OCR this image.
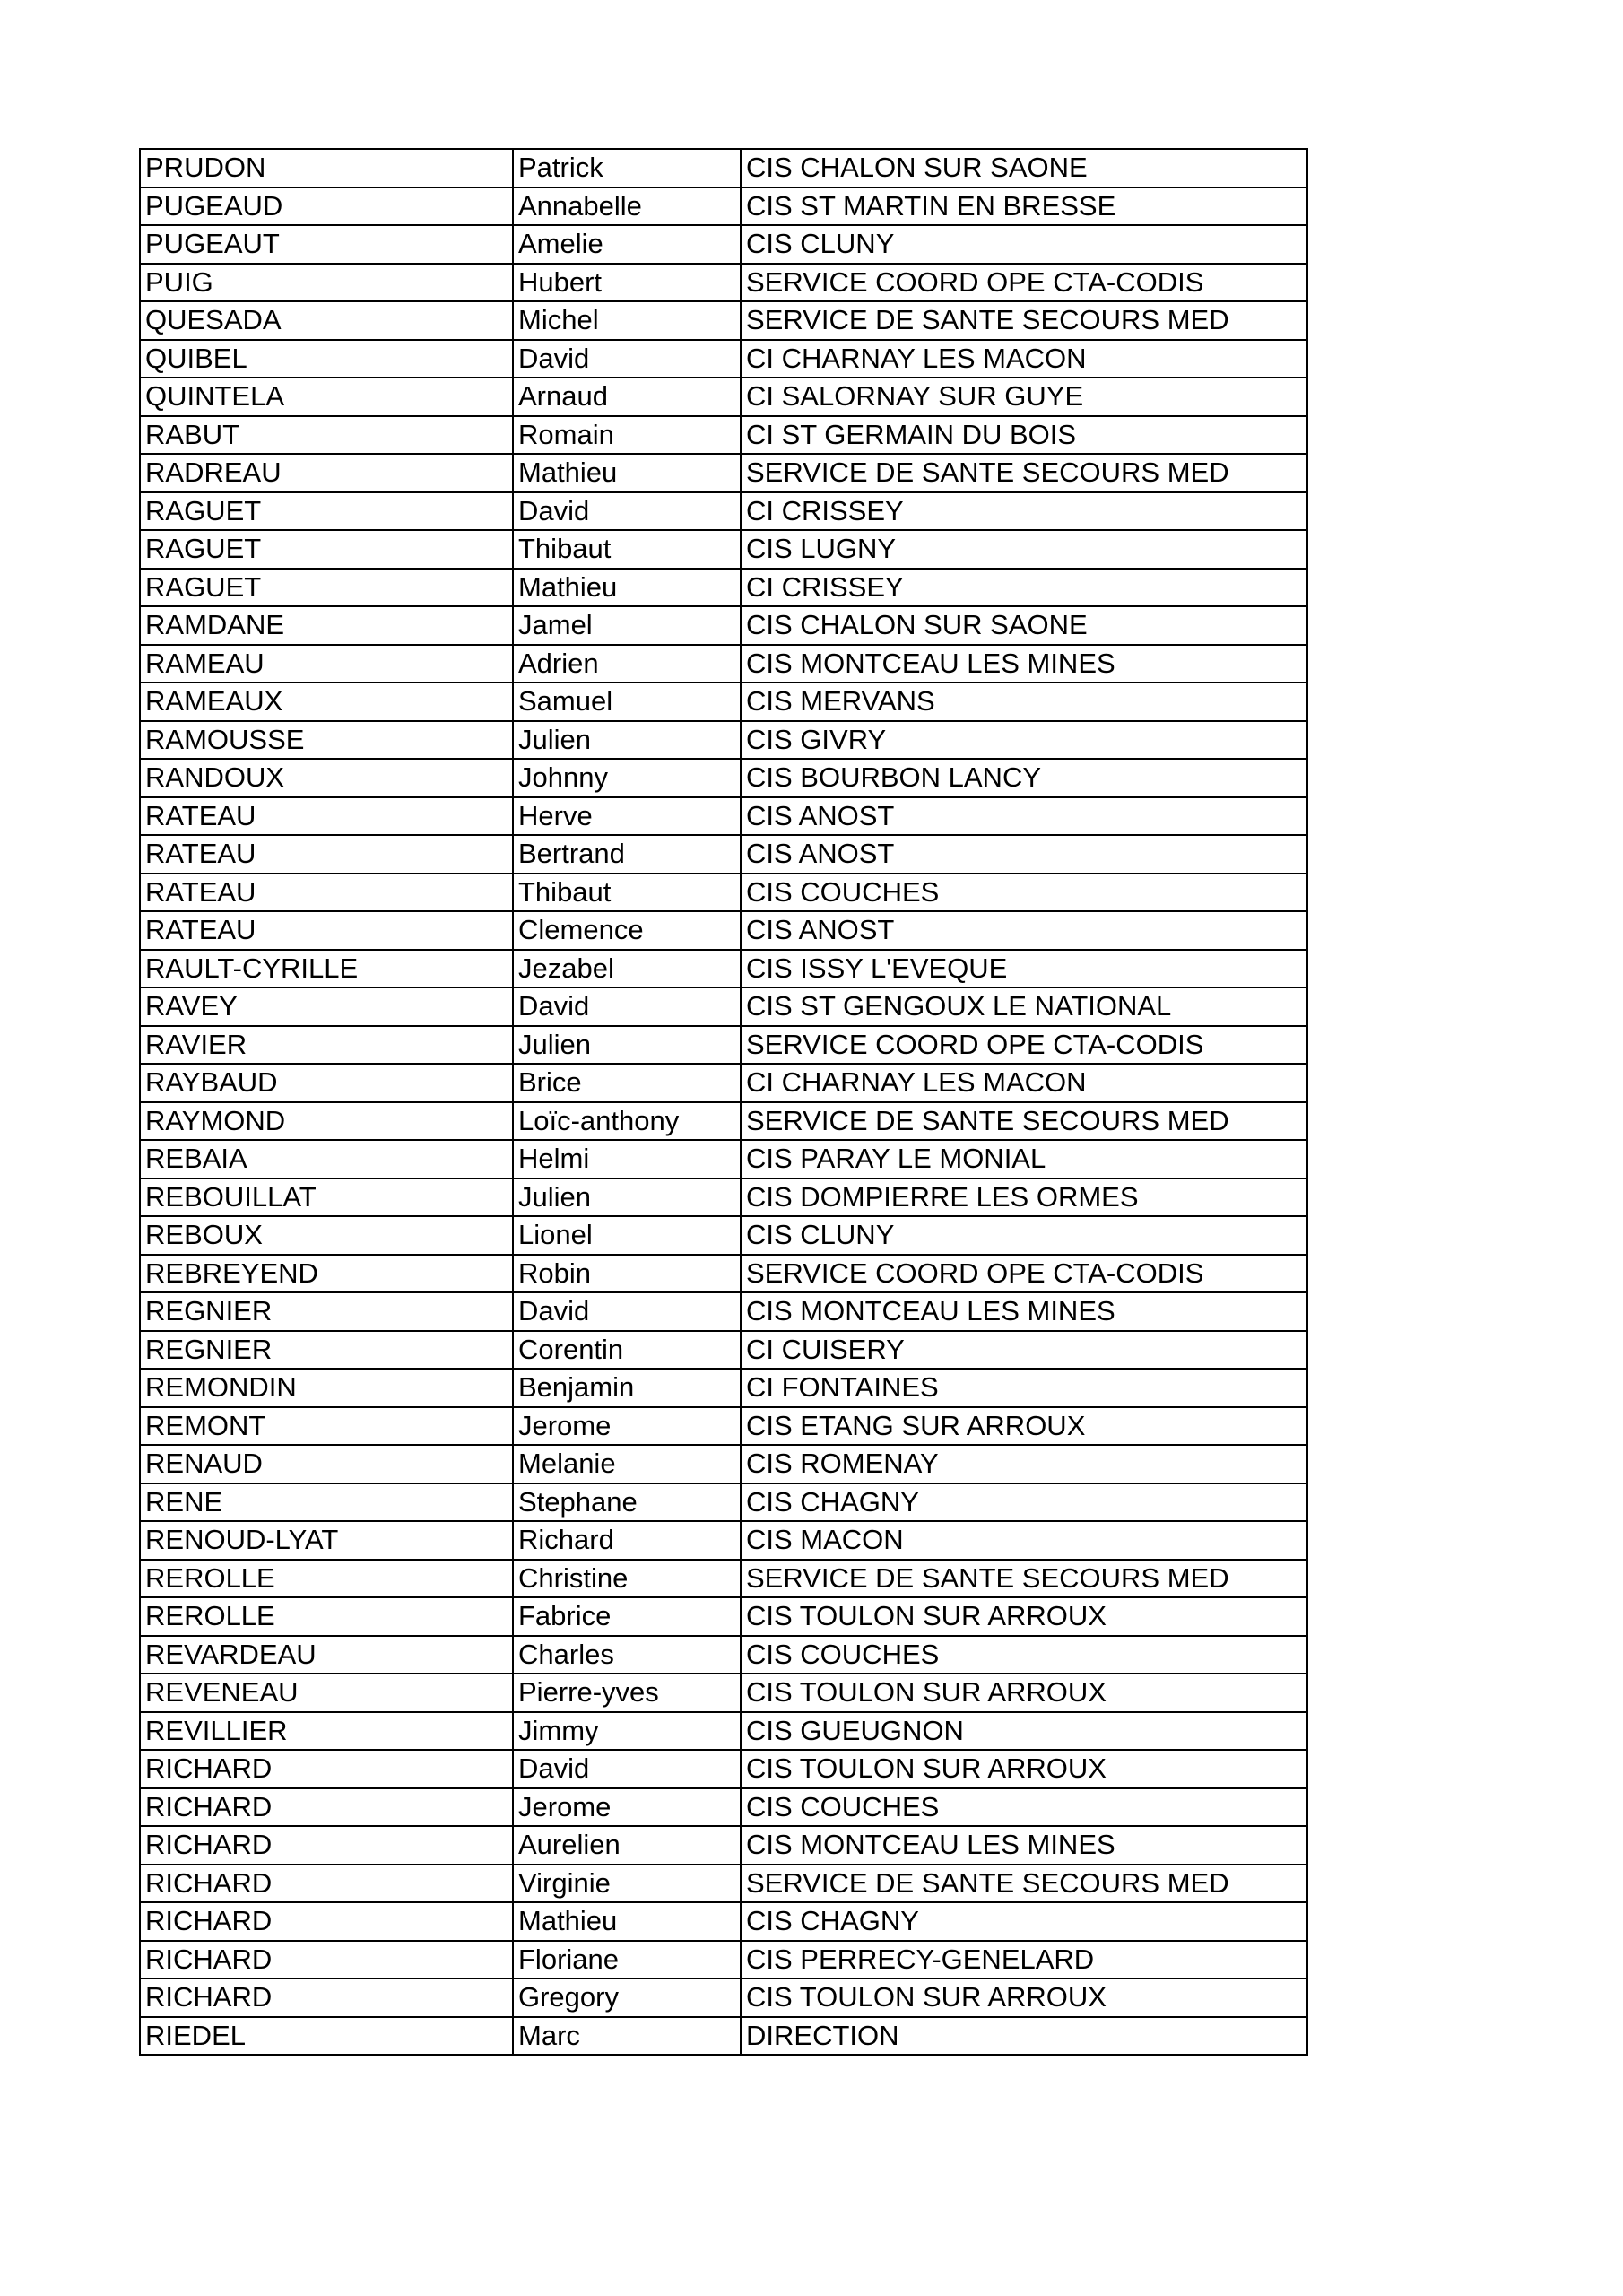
PRUDON	Patrick	CIS CHALON SUR SAONE
PUGEAUD	Annabelle	CIS ST MARTIN EN BRESSE
PUGEAUT	Amelie	CIS CLUNY
PUIG	Hubert	SERVICE COORD OPE CTA-CODIS
QUESADA	Michel	SERVICE DE SANTE SECOURS MED
QUIBEL	David	CI CHARNAY LES MACON
QUINTELA	Arnaud	CI SALORNAY SUR GUYE
RABUT	Romain	CI ST GERMAIN DU BOIS
RADREAU	Mathieu	SERVICE DE SANTE SECOURS MED
RAGUET	David	CI CRISSEY
RAGUET	Thibaut	CIS LUGNY
RAGUET	Mathieu	CI CRISSEY
RAMDANE	Jamel	CIS CHALON SUR SAONE
RAMEAU	Adrien	CIS MONTCEAU LES MINES
RAMEAUX	Samuel	CIS MERVANS
RAMOUSSE	Julien	CIS GIVRY
RANDOUX	Johnny	CIS BOURBON LANCY
RATEAU	Herve	CIS ANOST
RATEAU	Bertrand	CIS ANOST
RATEAU	Thibaut	CIS COUCHES
RATEAU	Clemence	CIS ANOST
RAULT-CYRILLE	Jezabel	CIS ISSY L'EVEQUE
RAVEY	David	CIS ST GENGOUX LE NATIONAL
RAVIER	Julien	SERVICE COORD OPE CTA-CODIS
RAYBAUD	Brice	CI CHARNAY LES MACON
RAYMOND	Loïc-anthony	SERVICE DE SANTE SECOURS MED
REBAIA	Helmi	CIS PARAY LE MONIAL
REBOUILLAT	Julien	CIS DOMPIERRE LES ORMES
REBOUX	Lionel	CIS CLUNY
REBREYEND	Robin	SERVICE COORD OPE CTA-CODIS
REGNIER	David	CIS MONTCEAU LES MINES
REGNIER	Corentin	CI CUISERY
REMONDIN	Benjamin	CI FONTAINES
REMONT	Jerome	CIS ETANG SUR ARROUX
RENAUD	Melanie	CIS ROMENAY
RENE	Stephane	CIS CHAGNY
RENOUD-LYAT	Richard	CIS MACON
REROLLE	Christine	SERVICE DE SANTE SECOURS MED
REROLLE	Fabrice	CIS TOULON SUR ARROUX
REVARDEAU	Charles	CIS COUCHES
REVENEAU	Pierre-yves	CIS TOULON SUR ARROUX
REVILLIER	Jimmy	CIS GUEUGNON
RICHARD	David	CIS TOULON SUR ARROUX
RICHARD	Jerome	CIS COUCHES
RICHARD	Aurelien	CIS MONTCEAU LES MINES
RICHARD	Virginie	SERVICE DE SANTE SECOURS MED
RICHARD	Mathieu	CIS CHAGNY
RICHARD	Floriane	CIS PERRECY-GENELARD
RICHARD	Gregory	CIS TOULON SUR ARROUX
RIEDEL	Marc	DIRECTION
